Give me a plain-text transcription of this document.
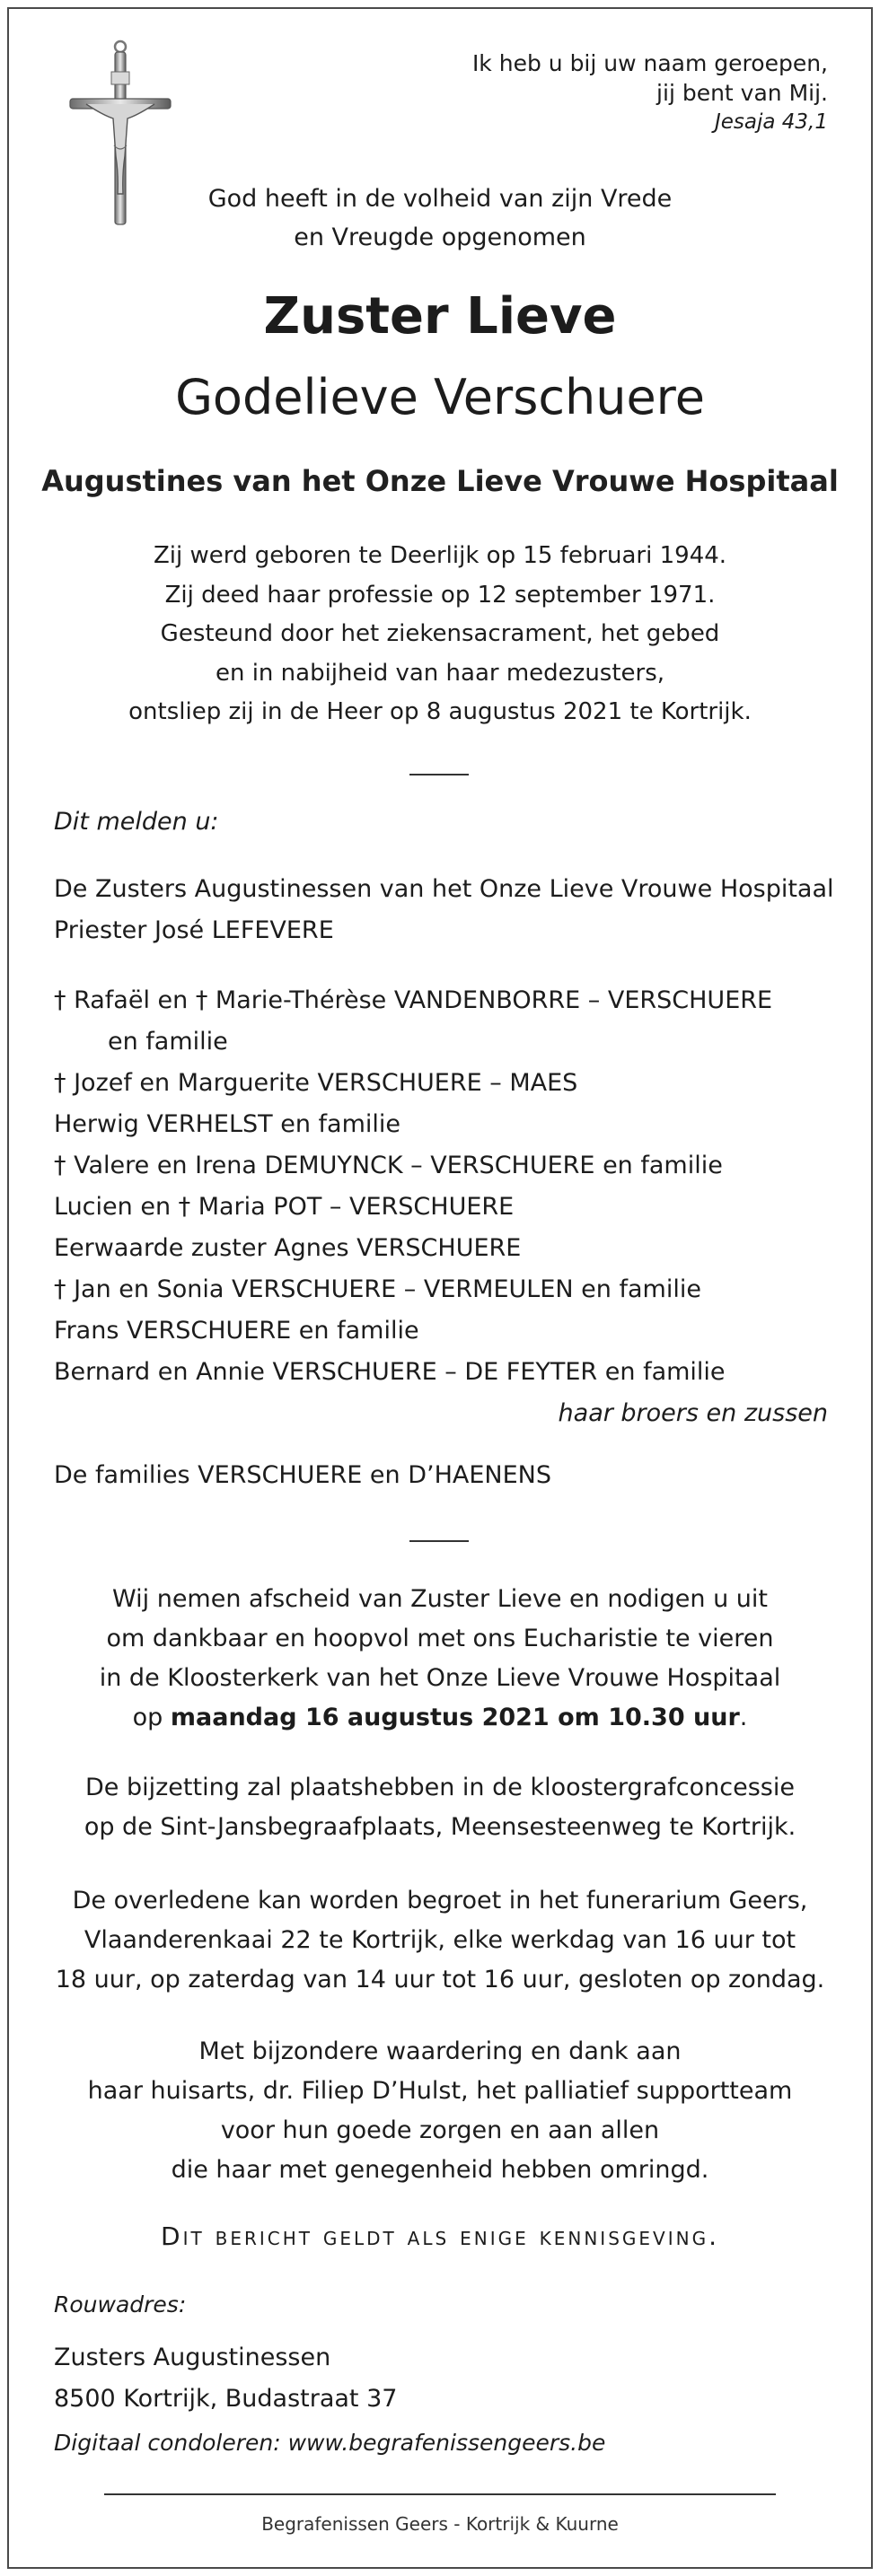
Ik heb u bij uw naam geroepen,
jij bent van Mij.
Jesaja 43,1
God heeft in de volheid van zijn Vrede
en Vreugde opgenomen
Zuster Lieve
Godelieve Verschuere
Augustines van het Onze Lieve Vrouwe Hospitaal
Zij werd geboren te Deerlijk op 15 februari 1944.
Zij deed haar professie op 12 september 1971.
Gesteund door het ziekensacrament, het gebed
en in nabijheid van haar medezusters,
ontsliep zij in de Heer op 8 augustus 2021 te Kortrijk.
Dit melden u:
De Zusters Augustinessen van het Onze Lieve Vrouwe Hospitaal
Priester José LEFEVERE
† Rafaël en † Marie-Thérèse VANDENBORRE – VERSCHUERE
en familie
† Jozef en Marguerite VERSCHUERE – MAES
Herwig VERHELST en familie
† Valere en Irena DEMUYNCK – VERSCHUERE en familie
Lucien en † Maria POT – VERSCHUERE
Eerwaarde zuster Agnes VERSCHUERE
† Jan en Sonia VERSCHUERE – VERMEULEN en familie
Frans VERSCHUERE en familie
Bernard en Annie VERSCHUERE – DE FEYTER en familie
haar broers en zussen
De families VERSCHUERE en D’HAENENS
Wij nemen afscheid van Zuster Lieve en nodigen u uit
om dankbaar en hoopvol met ons Eucharistie te vieren
in de Kloosterkerk van het Onze Lieve Vrouwe Hospitaal
op maandag 16 augustus 2021 om 10.30 uur.
De bijzetting zal plaatshebben in de kloostergrafconcessie
op de Sint-Jansbegraafplaats, Meensesteenweg te Kortrijk.
De overledene kan worden begroet in het funerarium Geers,
Vlaanderenkaai 22 te Kortrijk, elke werkdag van 16 uur tot
18 uur, op zaterdag van 14 uur tot 16 uur, gesloten op zondag.
Met bijzondere waardering en dank aan
haar huisarts, dr. Filiep D’Hulst, het palliatief supportteam
voor hun goede zorgen en aan allen
die haar met genegenheid hebben omringd.
Dit bericht geldt als enige kennisgeving.
Rouwadres:
Zusters Augustinessen
8500 Kortrijk, Budastraat 37
Digitaal condoleren: www.begrafenissengeers.be
Begrafenissen Geers - Kortrijk & Kuurne
